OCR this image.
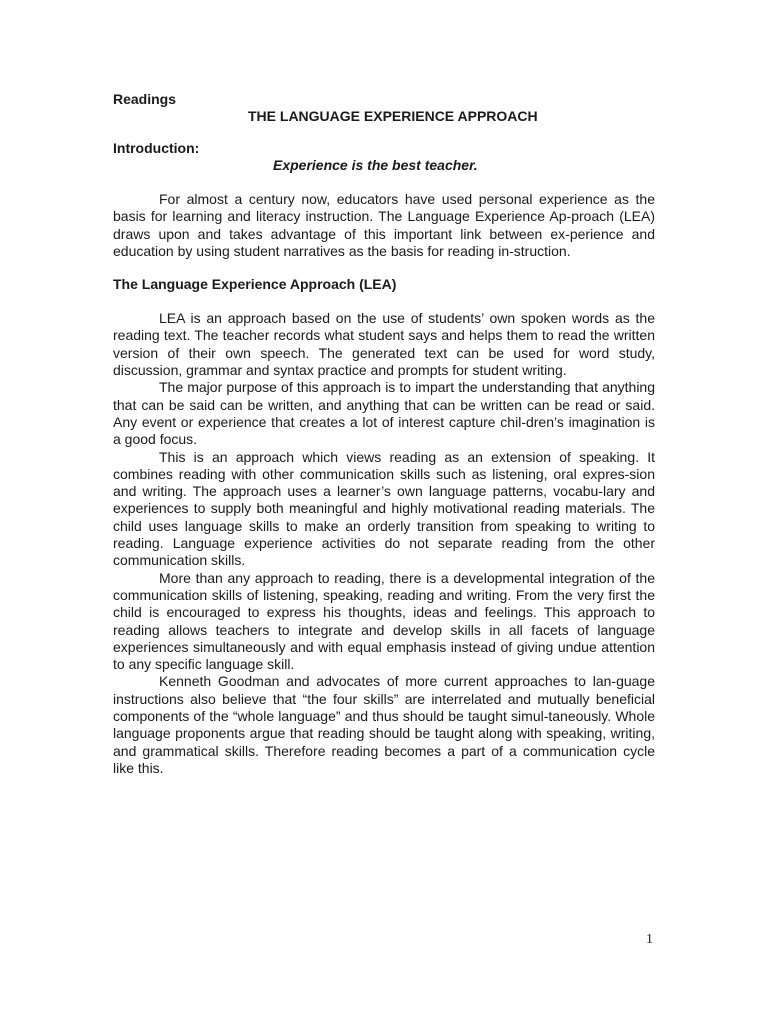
Readings

THE LANGUAGE EXPERIENCE APPROACH

Introduction:

Experience is the best teacher.

For almost a century now, educators have used personal experience as the basis for learning and literacy instruction. The Language Experience Ap-proach (LEA) draws upon and takes advantage of this important link between ex-perience and education by using student narratives as the basis for reading in-struction.

The Language Experience Approach (LEA)

LEA is an approach based on the use of students’ own spoken words as the reading text. The teacher records what student says and helps them to read the written version of their own speech. The generated text can be used for word study, discussion, grammar and syntax practice and prompts for student writing.

The major purpose of this approach is to impart the understanding that anything that can be said can be written, and anything that can be written can be read or said. Any event or experience that creates a lot of interest capture chil-dren’s imagination is a good focus.

This is an approach which views reading as an extension of speaking. It combines reading with other communication skills such as listening, oral expres-sion and writing. The approach uses a learner’s own language patterns, vocabu-lary and experiences to supply both meaningful and highly motivational reading materials. The child uses language skills to make an orderly transition from speaking to writing to reading. Language experience activities do not separate reading from the other communication skills.

More than any approach to reading, there is a developmental integration of the communication skills of listening, speaking, reading and writing. From the very first the child is encouraged to express his thoughts, ideas and feelings. This approach to reading allows teachers to integrate and develop skills in all facets of language experiences simultaneously and with equal emphasis instead of giving undue attention to any specific language skill.

Kenneth Goodman and advocates of more current approaches to lan-guage instructions also believe that “the four skills” are interrelated and mutually beneficial components of the “whole language” and thus should be taught simul-taneously. Whole language proponents argue that reading should be taught along with speaking, writing, and grammatical skills. Therefore reading becomes a part of a communication cycle like this.

1
